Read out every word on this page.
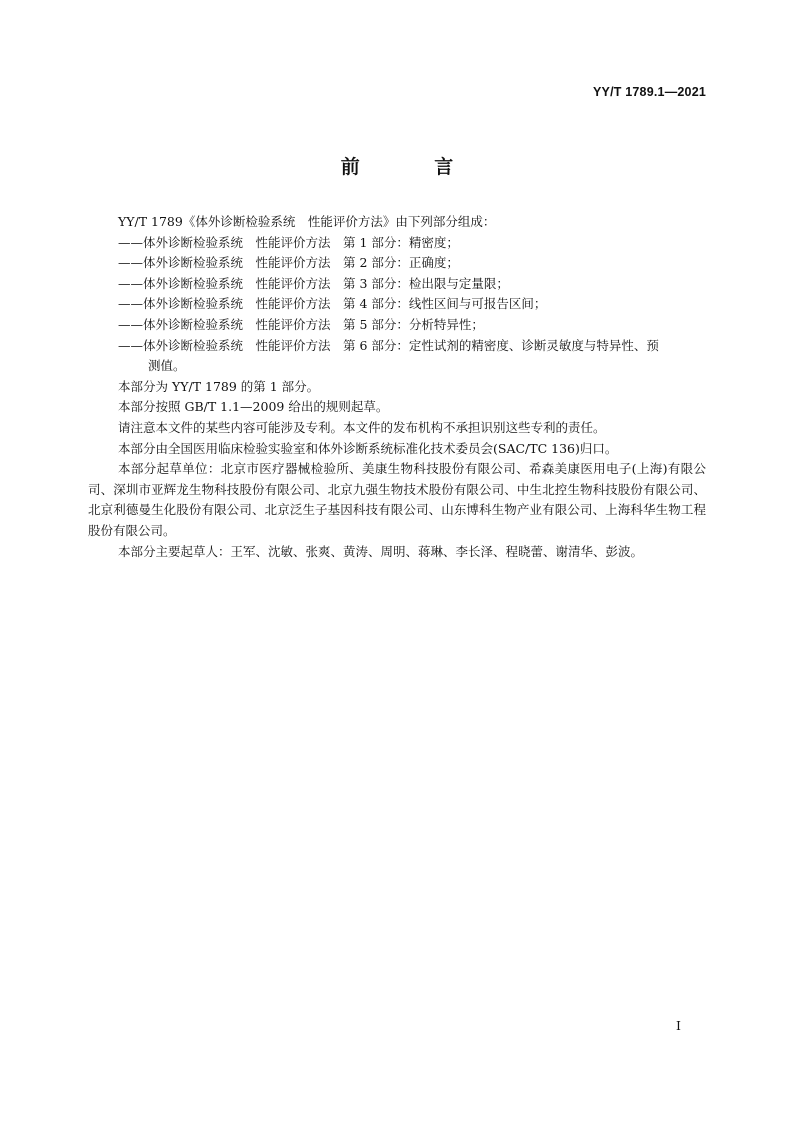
YY/T 1789.1—2021
前 言
YY/T 1789《体外诊断检验系统　性能评价方法》由下列部分组成：
——体外诊断检验系统　性能评价方法　第 1 部分：精密度；
——体外诊断检验系统　性能评价方法　第 2 部分：正确度；
——体外诊断检验系统　性能评价方法　第 3 部分：检出限与定量限；
——体外诊断检验系统　性能评价方法　第 4 部分：线性区间与可报告区间；
——体外诊断检验系统　性能评价方法　第 5 部分：分析特异性；
——体外诊断检验系统　性能评价方法　第 6 部分：定性试剂的精密度、诊断灵敏度与特异性、预
测值。
本部分为 YY/T 1789 的第 1 部分。
本部分按照 GB/T 1.1—2009 给出的规则起草。
请注意本文件的某些内容可能涉及专利。本文件的发布机构不承担识别这些专利的责任。
本部分由全国医用临床检验实验室和体外诊断系统标准化技术委员会(SAC/TC 136)归口。
本部分起草单位：北京市医疗器械检验所、美康生物科技股份有限公司、希森美康医用电子(上海)有限公司、深圳市亚辉龙生物科技股份有限公司、北京九强生物技术股份有限公司、中生北控生物科技股份有限公司、北京利德曼生化股份有限公司、北京泛生子基因科技有限公司、山东博科生物产业有限公司、上海科华生物工程股份有限公司。
本部分主要起草人：王军、沈敏、张爽、黄涛、周明、蒋琳、李长泽、程晓蕾、谢清华、彭波。
I
